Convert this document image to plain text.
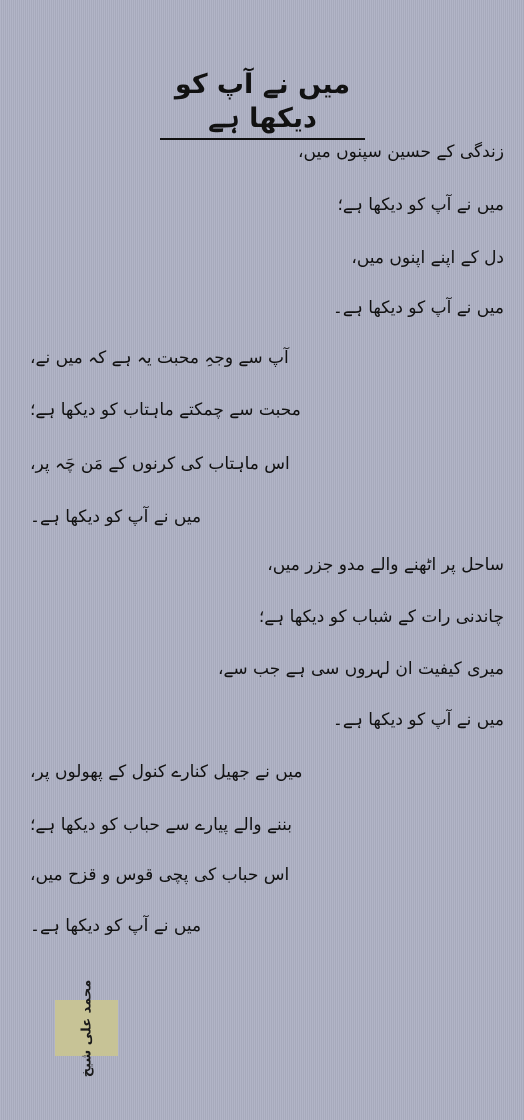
میں نے آپ کو دیکھا ہے
زندگی کے حسین سپنوں میں،
میں نے آپ کو دیکھا ہے؛
دل کے اپنے اپنوں میں،
میں نے آپ کو دیکھا ہے۔
آپ سے وجہِ محبت یہ ہے کہ میں نے،
محبت سے چمکتے ماہتاب کو دیکھا ہے؛
اس ماہتاب کی کرنوں کے مَن چَہ پر،
میں نے آپ کو دیکھا ہے۔
ساحل پر اٹھنے والے مدو جزر میں،
چاندنی رات کے شباب کو دیکھا ہے؛
میری کیفیت ان لہروں سی ہے جب سے،
میں نے آپ کو دیکھا ہے۔
میں نے جھیل کنارے کنول کے پھولوں پر،
بننے والے پیارے سے حباب کو دیکھا ہے؛
اس حباب کی پچی قوس و قزح میں،
میں نے آپ کو دیکھا ہے۔
محمد علی شیخ
